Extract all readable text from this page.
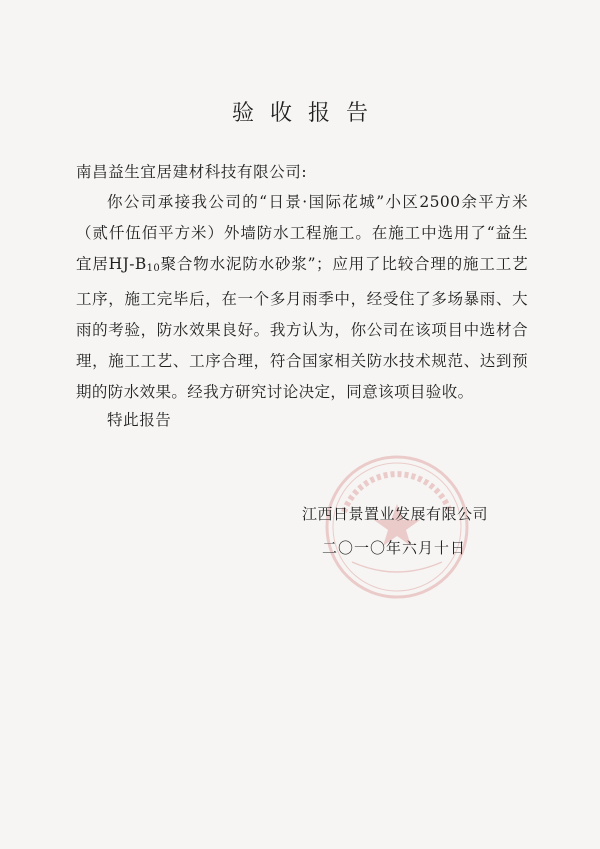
验收报告
南昌益生宜居建材科技有限公司:
你公司承接我公司的“日景·国际花城”小区2500余平方米（贰仟伍佰平方米）外墙防水工程施工。在施工中选用了“益生宜居$HJ-B_{10}$聚合物水泥防水砂浆”；应用了比较合理的施工工艺工序，施工完毕后，在一个多月雨季中，经受住了多场暴雨、大雨的考验，防水效果良好。我方认为，你公司在该项目中选材合理，施工工艺、工序合理，符合国家相关防水技术规范、达到预期的防水效果。经我方研究讨论决定，同意该项目验收。
特此报告
江西日景置业发展有限公司
二〇一〇年六月十日
